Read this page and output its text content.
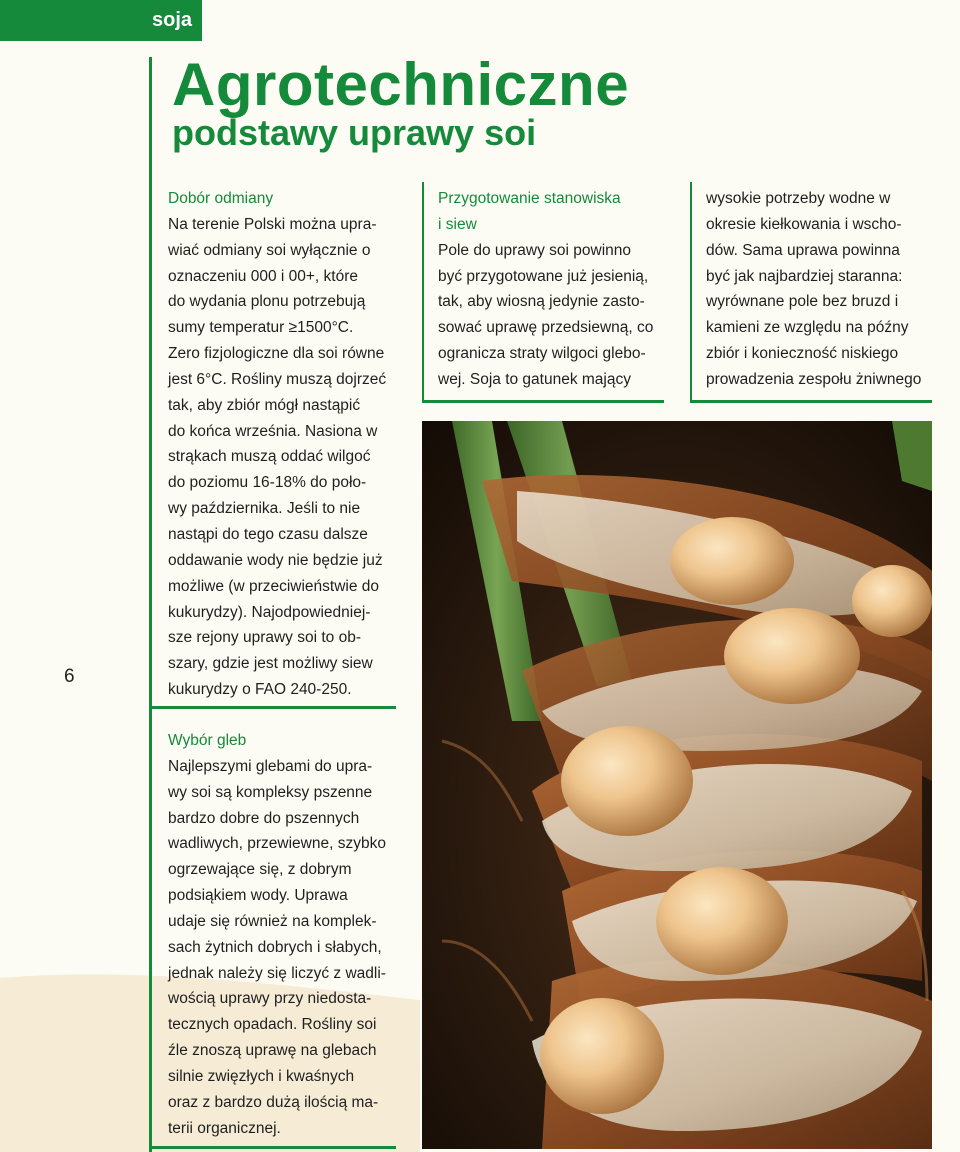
soja
Agrotechniczne
podstawy uprawy soi
6
Dobór odmiany
Na terenie Polski można upra-
wiać odmiany soi wyłącznie o
oznaczeniu 000 i 00+, które
do wydania plonu potrzebują
sumy temperatur ≥1500°C.
Zero fizjologiczne dla soi równe
jest 6°C. Rośliny muszą dojrzeć
tak, aby zbiór mógł nastąpić
do końca września. Nasiona w
strąkach muszą oddać wilgoć
do poziomu 16-18% do poło-
wy października. Jeśli to nie
nastąpi do tego czasu dalsze
oddawanie wody nie będzie już
możliwe (w przeciwieństwie do
kukurydzy). Najodpowiedniej-
sze rejony uprawy soi to ob-
szary, gdzie jest możliwy siew
kukurydzy o FAO 240-250.
Wybór gleb
Najlepszymi glebami do upra-
wy soi są kompleksy pszenne
bardzo dobre do pszennych
wadliwych, przewiewne, szybko
ogrzewające się, z dobrym
podsiąkiem wody. Uprawa
udaje się również na komplek-
sach żytnich dobrych i słabych,
jednak należy się liczyć z wadli-
wością uprawy przy niedosta-
tecznych opadach. Rośliny soi
źle znoszą uprawę na glebach
silnie zwięzłych i kwaśnych
oraz z bardzo dużą ilością ma-
terii organicznej.
Przygotowanie stanowiska
i siew
Pole do uprawy soi powinno
być przygotowane już jesienią,
tak, aby wiosną jedynie zasto-
sować uprawę przedsiewną, co
ogranicza straty wilgoci glebo-
wej. Soja to gatunek mający
wysokie potrzeby wodne w
okresie kiełkowania i wscho-
dów. Sama uprawa powinna
być jak najbardziej staranna:
wyrównane pole bez bruzd i
kamieni ze względu na późny
zbiór i konieczność niskiego
prowadzenia zespołu żniwnego
